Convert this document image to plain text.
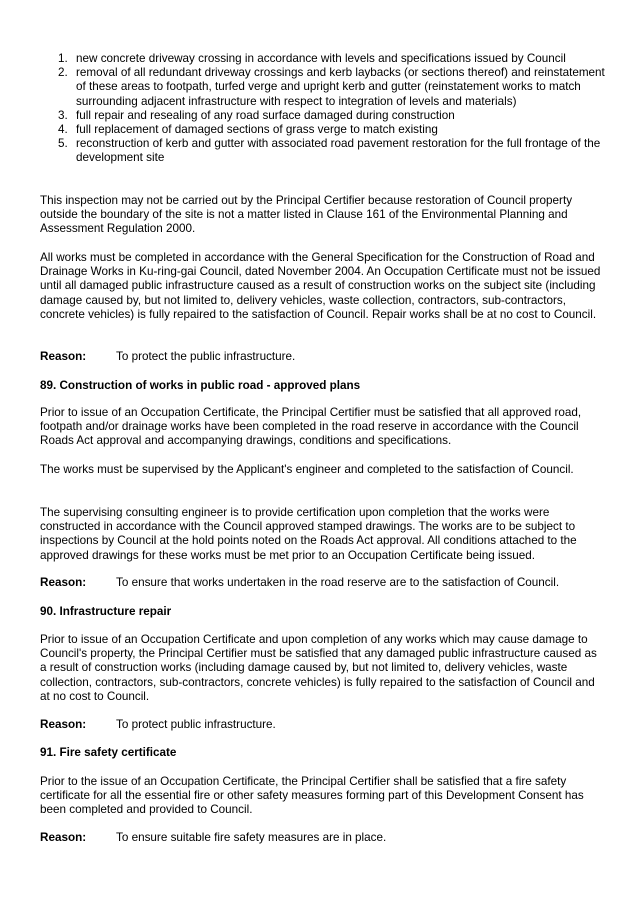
1. new concrete driveway crossing in accordance with levels and specifications issued by Council
2. removal of all redundant driveway crossings and kerb laybacks (or sections thereof) and reinstatement of these areas to footpath, turfed verge and upright kerb and gutter (reinstatement works to match surrounding adjacent infrastructure with respect to integration of levels and materials)
3. full repair and resealing of any road surface damaged during construction
4. full replacement of damaged sections of grass verge to match existing
5. reconstruction of kerb and gutter with associated road pavement restoration for the full frontage of the development site

This inspection may not be carried out by the Principal Certifier because restoration of Council property outside the boundary of the site is not a matter listed in Clause 161 of the Environmental Planning and Assessment Regulation 2000.

All works must be completed in accordance with the General Specification for the Construction of Road and Drainage Works in Ku-ring-gai Council, dated November 2004. An Occupation Certificate must not be issued until all damaged public infrastructure caused as a result of construction works on the subject site (including damage caused by, but not limited to, delivery vehicles, waste collection, contractors, sub-contractors, concrete vehicles) is fully repaired to the satisfaction of Council. Repair works shall be at no cost to Council.

Reason:	To protect the public infrastructure.
89. Construction of works in public road - approved plans

Prior to issue of an Occupation Certificate, the Principal Certifier must be satisfied that all approved road, footpath and/or drainage works have been completed in the road reserve in accordance with the Council Roads Act approval and accompanying drawings, conditions and specifications.

The works must be supervised by the Applicant's engineer and completed to the satisfaction of Council.

The supervising consulting engineer is to provide certification upon completion that the works were constructed in accordance with the Council approved stamped drawings. The works are to be subject to inspections by Council at the hold points noted on the Roads Act approval. All conditions attached to the approved drawings for these works must be met prior to an Occupation Certificate being issued.

Reason:	To ensure that works undertaken in the road reserve are to the satisfaction of Council.
90. Infrastructure repair

Prior to issue of an Occupation Certificate and upon completion of any works which may cause damage to Council's property, the Principal Certifier must be satisfied that any damaged public infrastructure caused as a result of construction works (including damage caused by, but not limited to, delivery vehicles, waste collection, contractors, sub-contractors, concrete vehicles) is fully repaired to the satisfaction of Council and at no cost to Council.

Reason:	To protect public infrastructure.
91. Fire safety certificate

Prior to the issue of an Occupation Certificate, the Principal Certifier shall be satisfied that a fire safety certificate for all the essential fire or other safety measures forming part of this Development Consent has been completed and provided to Council.

Reason:	To ensure suitable fire safety measures are in place.
